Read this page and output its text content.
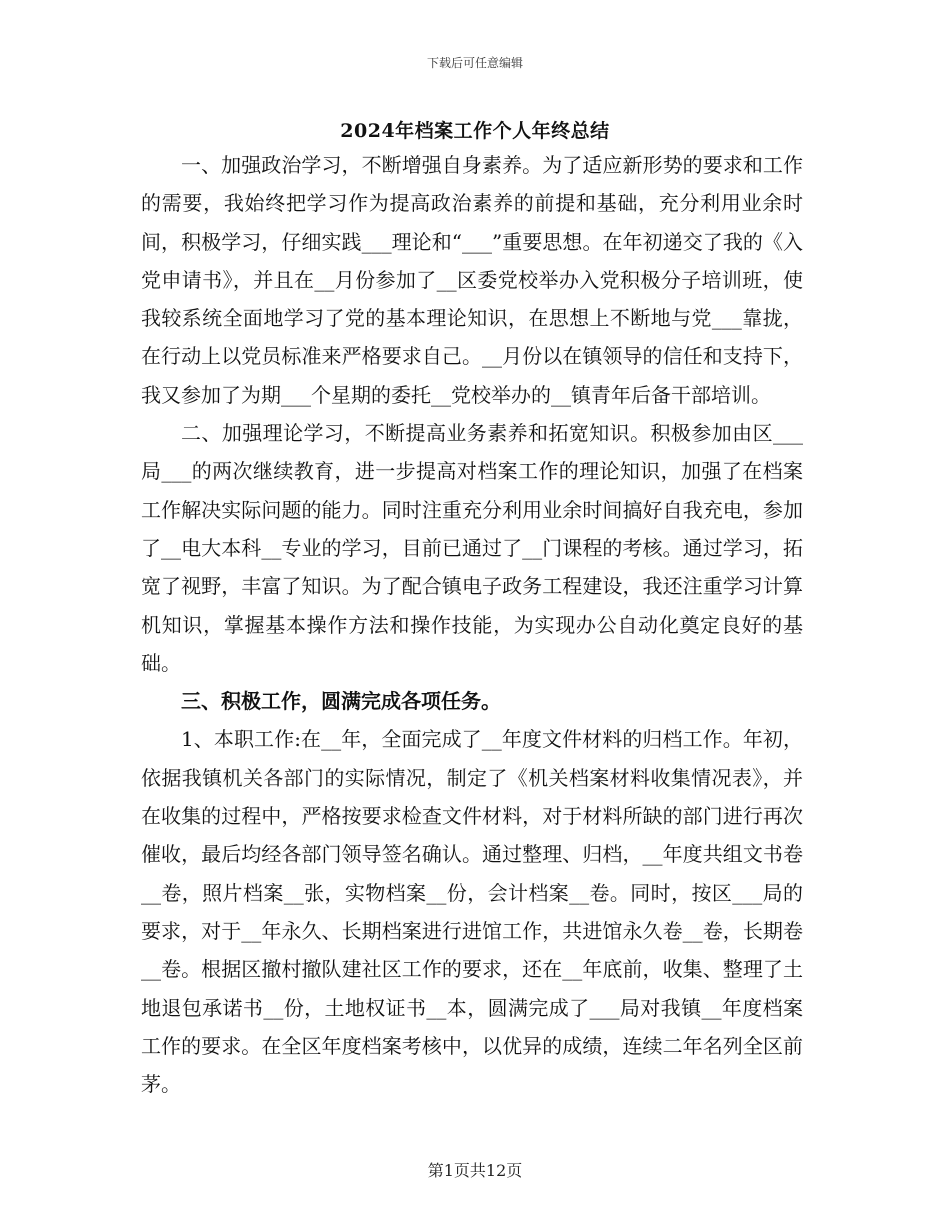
下载后可任意编辑
2024年档案工作个人年终总结

一、加强政治学习，不断增强自身素养。为了适应新形势的要求和工作的需要，我始终把学习作为提高政治素养的前提和基础，充分利用业余时间，积极学习，仔细实践___理论和“___”重要思想。在年初递交了我的《入党申请书》，并且在__月份参加了__区委党校举办入党积极分子培训班，使我较系统全面地学习了党的基本理论知识，在思想上不断地与党___靠拢，在行动上以党员标准来严格要求自己。__月份以在镇领导的信任和支持下，我又参加了为期___个星期的委托__党校举办的__镇青年后备干部培训。

二、加强理论学习，不断提高业务素养和拓宽知识。积极参加由区___局___的两次继续教育，进一步提高对档案工作的理论知识，加强了在档案工作解决实际问题的能力。同时注重充分利用业余时间搞好自我充电，参加了__电大本科__专业的学习，目前已通过了__门课程的考核。通过学习，拓宽了视野，丰富了知识。为了配合镇电子政务工程建设，我还注重学习计算机知识，掌握基本操作方法和操作技能，为实现办公自动化奠定良好的基础。

三、积极工作，圆满完成各项任务。

1、本职工作:在__年，全面完成了__年度文件材料的归档工作。年初，依据我镇机关各部门的实际情况，制定了《机关档案材料收集情况表》，并在收集的过程中，严格按要求检查文件材料，对于材料所缺的部门进行再次催收，最后均经各部门领导签名确认。通过整理、归档，__年度共组文书卷__卷，照片档案__张，实物档案__份，会计档案__卷。同时，按区___局的要求，对于__年永久、长期档案进行进馆工作，共进馆永久卷__卷，长期卷__卷。根据区撤村撤队建社区工作的要求，还在__年底前，收集、整理了土地退包承诺书__份，土地权证书__本，圆满完成了___局对我镇__年度档案工作的要求。在全区年度档案考核中，以优异的成绩，连续二年名列全区前茅。

第1页共12页
